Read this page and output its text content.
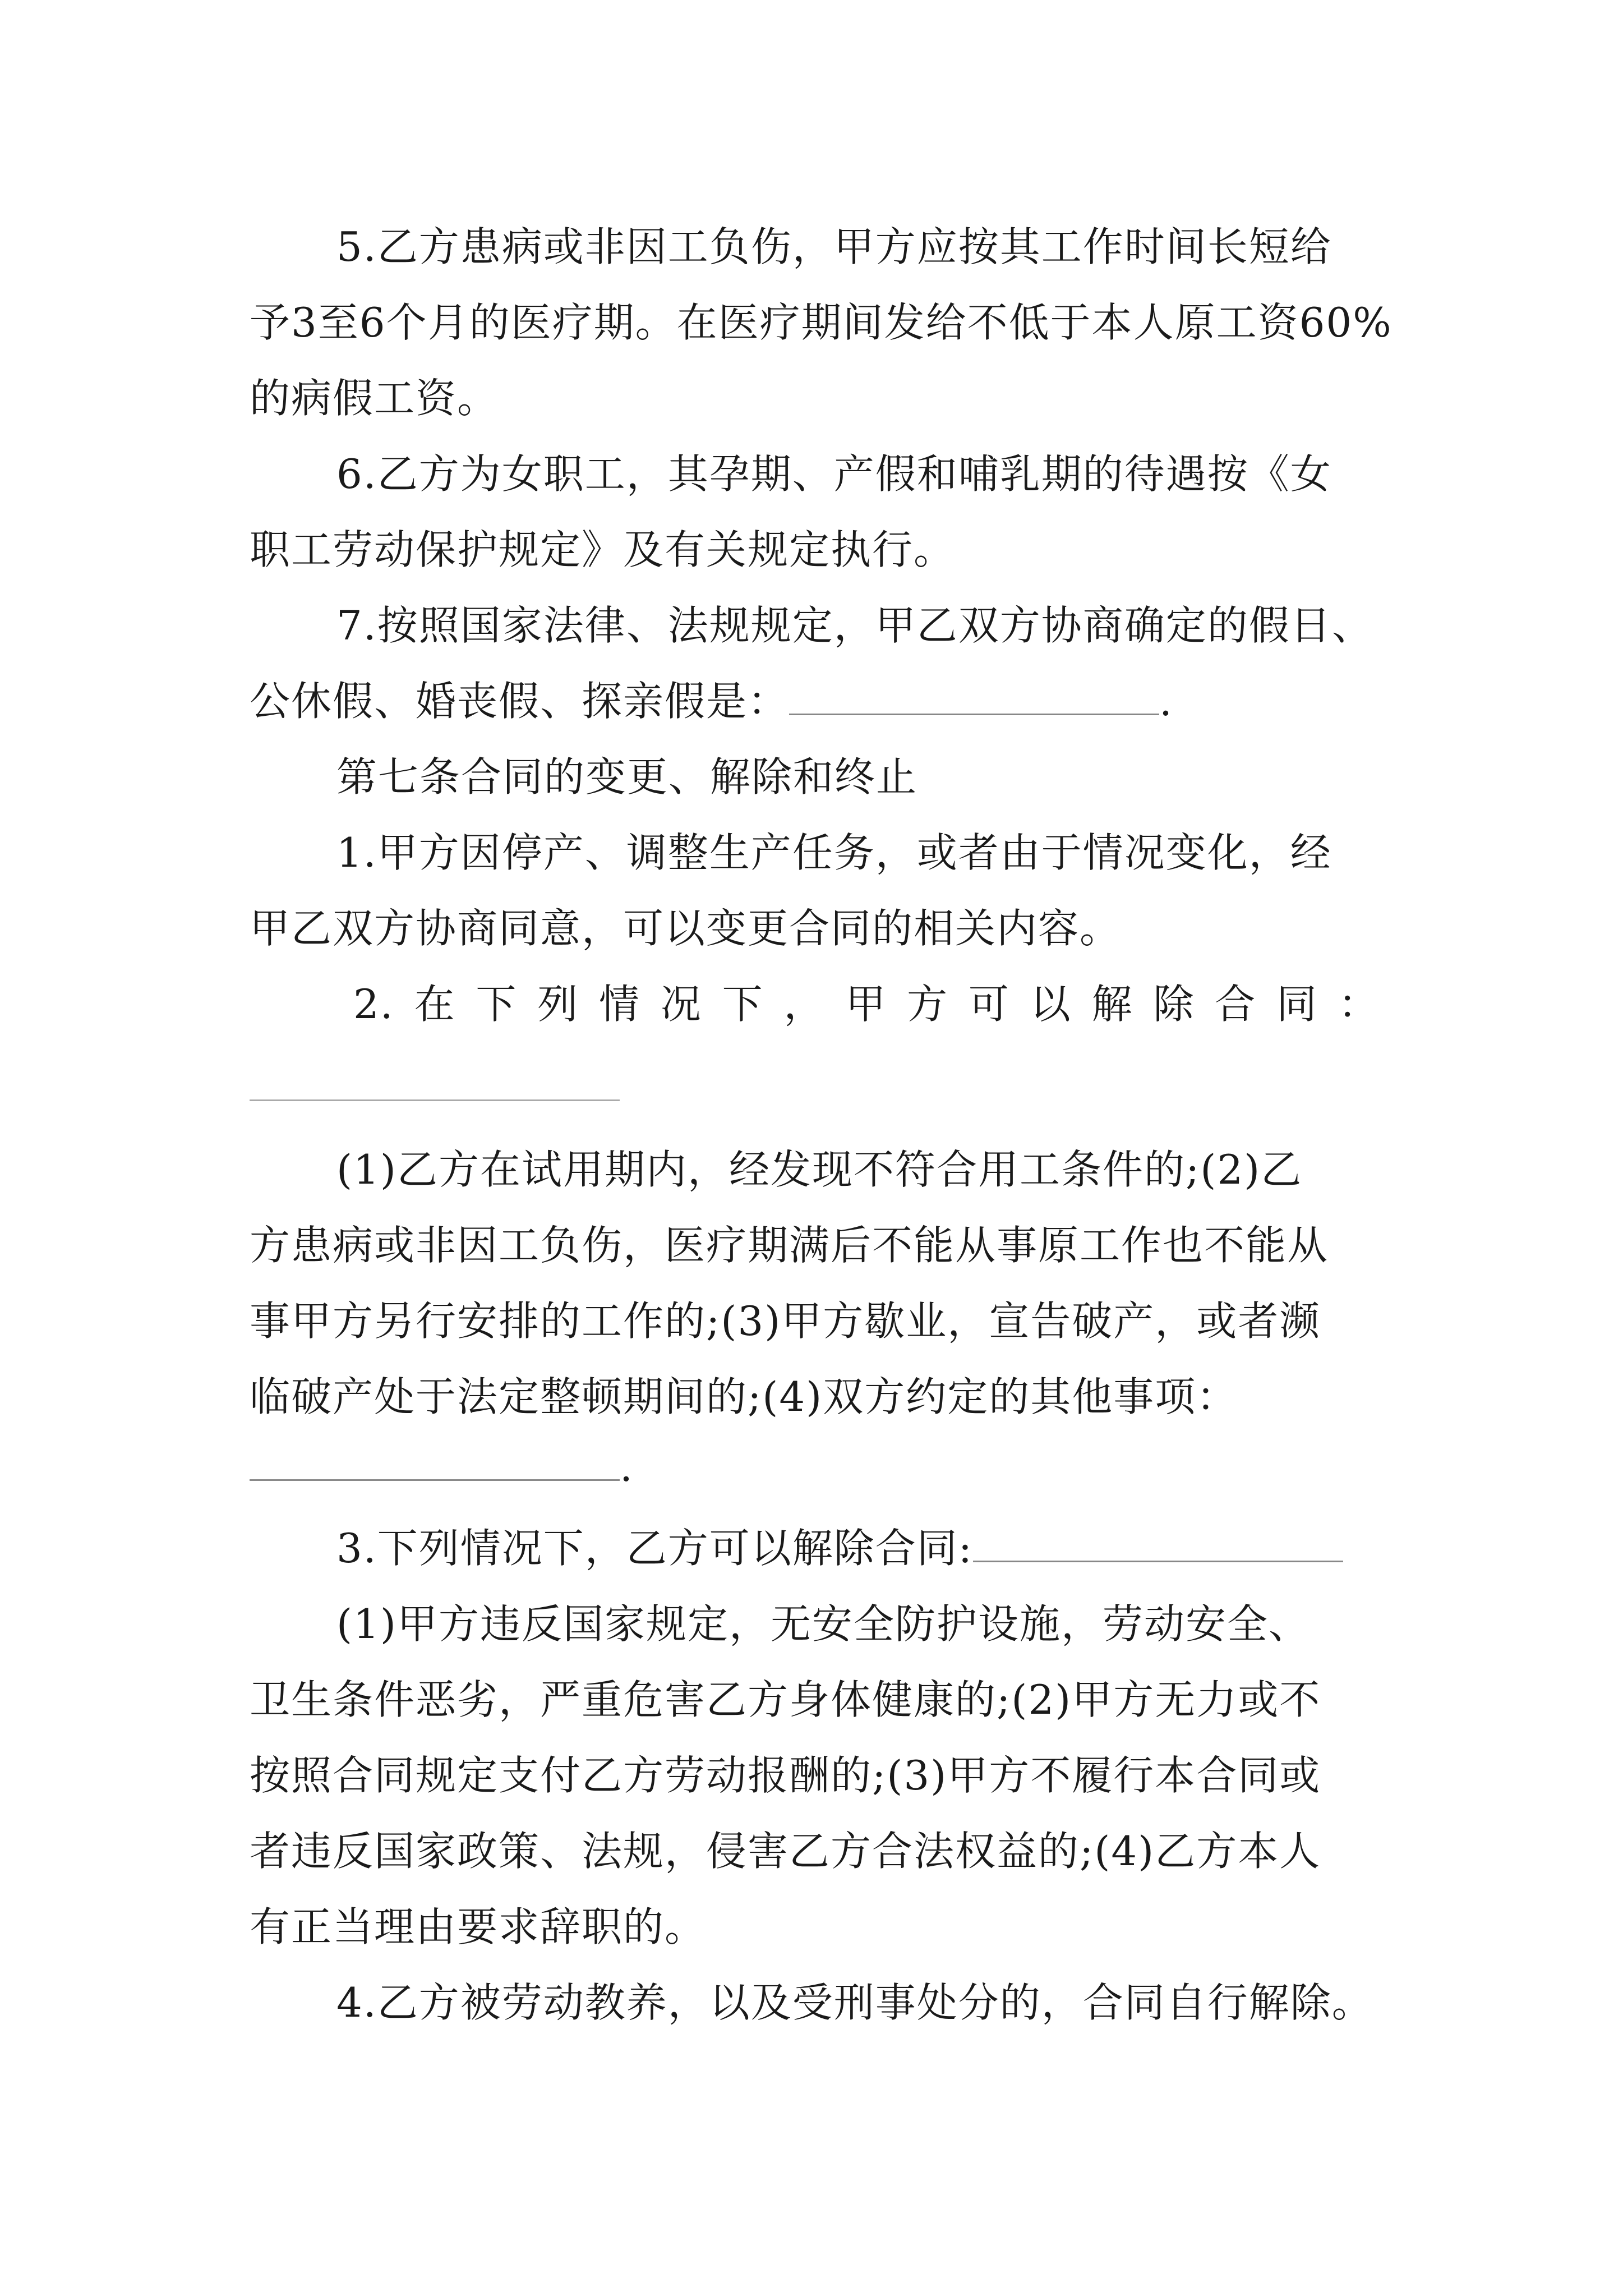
5.乙方患病或非因工负伤，甲方应按其工作时间长短给
予3至6个月的医疗期。在医疗期间发给不低于本人原工资60%
的病假工资。
6.乙方为女职工，其孕期、产假和哺乳期的待遇按《女
职工劳动保护规定》及有关规定执行。
7.按照国家法律、法规规定，甲乙双方协商确定的假日、
公休假、婚丧假、探亲假是：	.
第七条合同的变更、解除和终止
1.甲方因停产、调整生产任务，或者由于情况变化，经
甲乙双方协商同意，可以变更合同的相关内容。
2. 在 下 列 情 况 下 ， 甲 方 可 以 解 除 合 同 ：
(1)乙方在试用期内，经发现不符合用工条件的;(2)乙
方患病或非因工负伤，医疗期满后不能从事原工作也不能从
事甲方另行安排的工作的;(3)甲方歇业，宣告破产，或者濒
临破产处于法定整顿期间的;(4)双方约定的其他事项：
.
3.下列情况下，乙方可以解除合同:
(1)甲方违反国家规定，无安全防护设施，劳动安全、
卫生条件恶劣，严重危害乙方身体健康的;(2)甲方无力或不
按照合同规定支付乙方劳动报酬的;(3)甲方不履行本合同或
者违反国家政策、法规，侵害乙方合法权益的;(4)乙方本人
有正当理由要求辞职的。
4.乙方被劳动教养，以及受刑事处分的，合同自行解除。
